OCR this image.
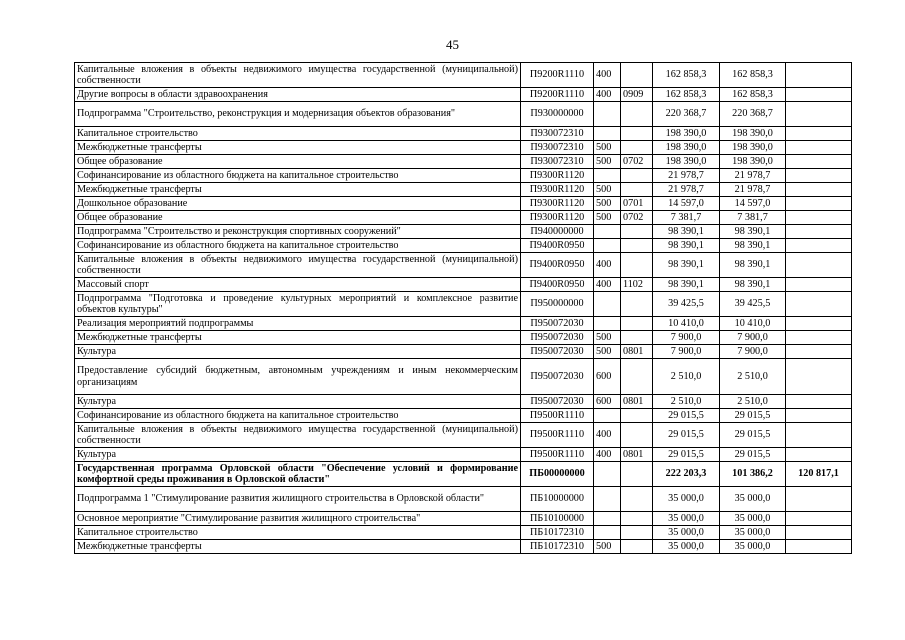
45
Капитальные вложения в объекты недвижимого имущества государственной (муниципальной) собственности	П9200R1110	400		162 858,3	162 858,3	
Другие вопросы в области здравоохранения	П9200R1110	400	0909	162 858,3	162 858,3	
Подпрограмма "Строительство, реконструкция и модернизация объектов образования"	П930000000			220 368,7	220 368,7	
Капитальное строительство	П930072310			198 390,0	198 390,0	
Межбюджетные трансферты	П930072310	500		198 390,0	198 390,0	
Общее образование	П930072310	500	0702	198 390,0	198 390,0	
Софинансирование из областного бюджета на капитальное строительство	П9300R1120			21 978,7	21 978,7	
Межбюджетные трансферты	П9300R1120	500		21 978,7	21 978,7	
Дошкольное образование	П9300R1120	500	0701	14 597,0	14 597,0	
Общее образование	П9300R1120	500	0702	7 381,7	7 381,7	
Подпрограмма "Строительство и реконструкция спортивных сооружений"	П940000000			98 390,1	98 390,1	
Софинансирование из областного бюджета на капитальное строительство	П9400R0950			98 390,1	98 390,1	
Капитальные вложения в объекты недвижимого имущества государственной (муниципальной) собственности	П9400R0950	400		98 390,1	98 390,1	
Массовый спорт	П9400R0950	400	1102	98 390,1	98 390,1	
Подпрограмма "Подготовка и проведение культурных мероприятий и комплексное развитие объектов культуры"	П950000000			39 425,5	39 425,5	
Реализация мероприятий подпрограммы	П950072030			10 410,0	10 410,0	
Межбюджетные трансферты	П950072030	500		7 900,0	7 900,0	
Культура	П950072030	500	0801	7 900,0	7 900,0	
Предоставление субсидий бюджетным, автономным учреждениям и иным некоммерческим организациям	П950072030	600		2 510,0	2 510,0	
Культура	П950072030	600	0801	2 510,0	2 510,0	
Софинансирование из областного бюджета на капитальное строительство	П9500R1110			29 015,5	29 015,5	
Капитальные вложения в объекты недвижимого имущества государственной (муниципальной) собственности	П9500R1110	400		29 015,5	29 015,5	
Культура	П9500R1110	400	0801	29 015,5	29 015,5	
Государственная программа Орловской области "Обеспечение условий и формирование комфортной среды проживания в Орловской области"	ПБ00000000			222 203,3	101 386,2	120 817,1
Подпрограмма 1 "Стимулирование развития жилищного строительства в Орловской области"	ПБ10000000			35 000,0	35 000,0	
Основное мероприятие "Стимулирование развития жилищного строительства"	ПБ10100000			35 000,0	35 000,0	
Капитальное строительство	ПБ10172310			35 000,0	35 000,0	
Межбюджетные трансферты	ПБ10172310	500		35 000,0	35 000,0	
